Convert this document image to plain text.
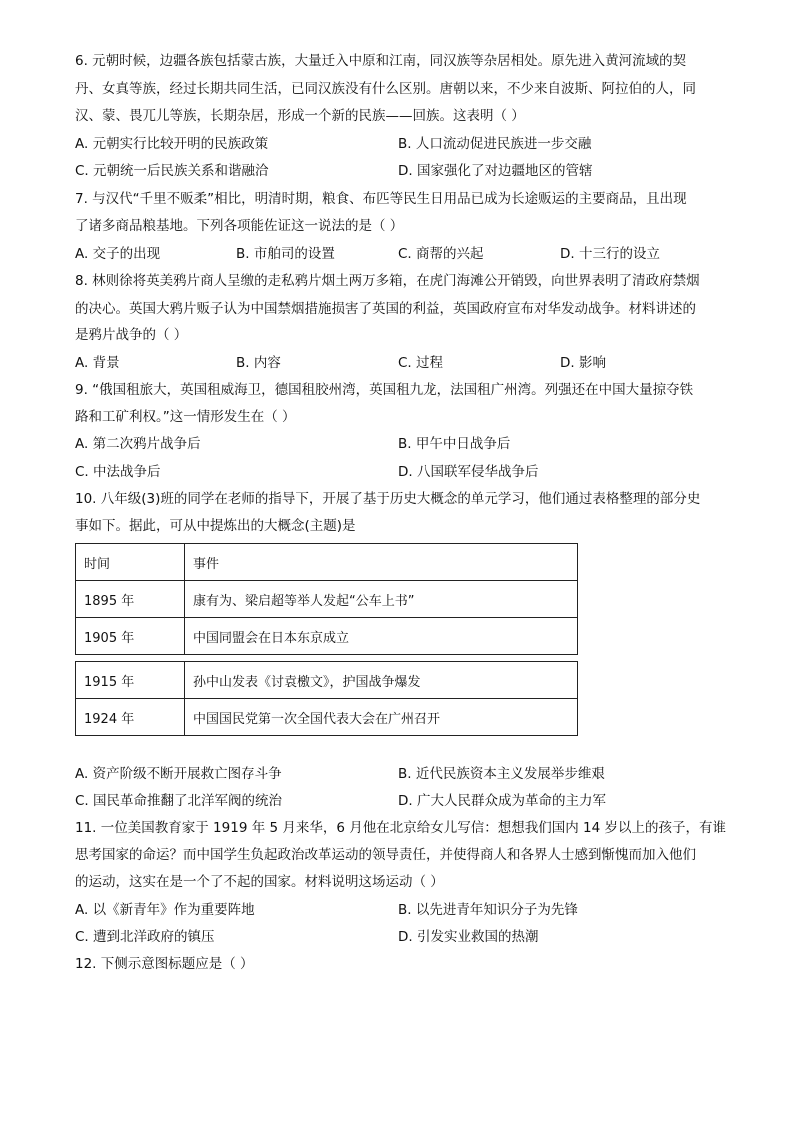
6. 元朝时候，边疆各族包括蒙古族，大量迁入中原和江南，同汉族等杂居相处。原先进入黄河流域的契
丹、女真等族，经过长期共同生活，已同汉族没有什么区别。唐朝以来，不少来自波斯、阿拉伯的人，同
汉、蒙、畏兀儿等族，长期杂居，形成一个新的民族——回族。这表明（ ）
A. 元朝实行比较开明的民族政策	B. 人口流动促进民族进一步交融
C. 元朝统一后民族关系和谐融洽	D. 国家强化了对边疆地区的管辖
7. 与汉代“千里不贩柔”相比，明清时期，粮食、布匹等民生日用品已成为长途贩运的主要商品，且出现
了诸多商品粮基地。下列各项能佐证这一说法的是（ ）
A. 交子的出现	B. 市舶司的设置	C. 商帮的兴起	D. 十三行的设立
8. 林则徐将英美鸦片商人呈缴的走私鸦片烟土两万多箱，在虎门海滩公开销毁，向世界表明了清政府禁烟
的决心。英国大鸦片贩子认为中国禁烟措施损害了英国的利益，英国政府宣布对华发动战争。材料讲述的
是鸦片战争的（ ）
A. 背景	B. 内容	C. 过程	D. 影响
9. “俄国租旅大，英国租威海卫，德国租胶州湾，英国租九龙，法国租广州湾。列强还在中国大量掠夺铁
路和工矿利权。”这一情形发生在（ ）
A. 第二次鸦片战争后	B. 甲午中日战争后
C. 中法战争后	D. 八国联军侵华战争后
10. 八年级(3)班的同学在老师的指导下，开展了基于历史大概念的单元学习，他们通过表格整理的部分史
事如下。据此，可从中提炼出的大概念(主题)是
时间	事件
1895 年	康有为、梁启超等举人发起“公车上书”
1905 年	中国同盟会在日本东京成立
1915 年	孙中山发表《讨袁檄文》，护国战争爆发
1924 年	中国国民党第一次全国代表大会在广州召开
A. 资产阶级不断开展救亡图存斗争	B. 近代民族资本主义发展举步维艰
C. 国民革命推翻了北洋军阀的统治	D. 广大人民群众成为革命的主力军
11. 一位美国教育家于 1919 年 5 月来华，6 月他在北京给女儿写信：想想我们国内 14 岁以上的孩子，有谁
思考国家的命运？而中国学生负起政治改革运动的领导责任，并使得商人和各界人士感到惭愧而加入他们
的运动，这实在是一个了不起的国家。材料说明这场运动（ ）
A. 以《新青年》作为重要阵地	B. 以先进青年知识分子为先锋
C. 遭到北洋政府的镇压	D. 引发实业救国的热潮
12. 下侧示意图标题应是（ ）
